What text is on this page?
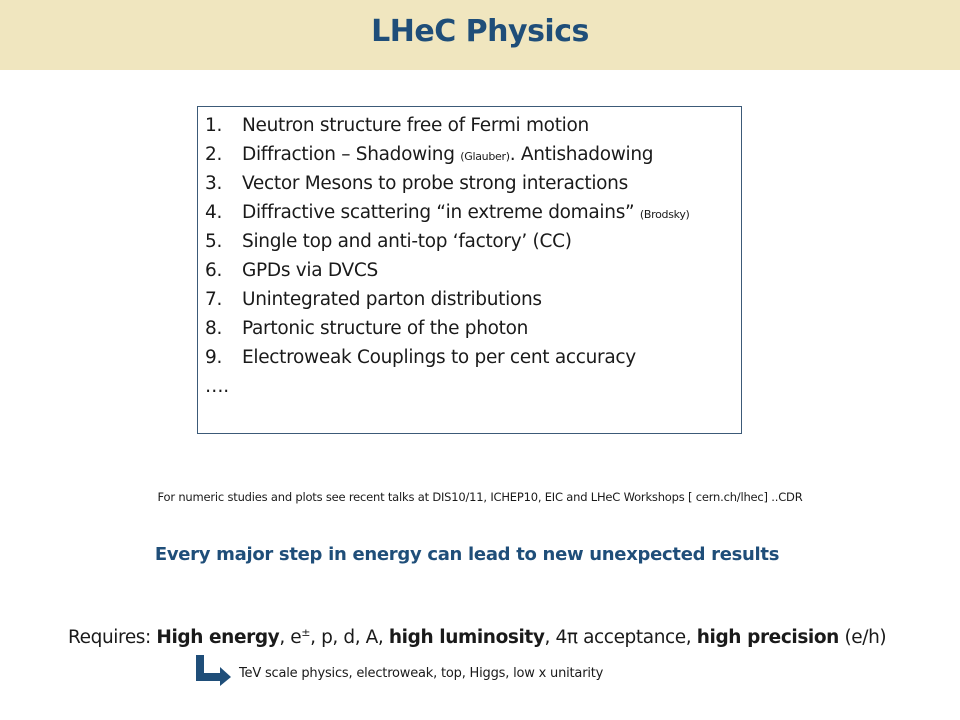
LHeC Physics
1. Neutron structure free of Fermi motion
2. Diffraction – Shadowing (Glauber). Antishadowing
3. Vector Mesons to probe strong interactions
4. Diffractive scattering “in extreme domains” (Brodsky)
5. Single top and anti-top ‘factory’ (CC)
6. GPDs via DVCS
7. Unintegrated parton distributions
8. Partonic structure of the photon
9. Electroweak Couplings to per cent accuracy
….
For numeric studies and plots see recent talks at DIS10/11, ICHEP10, EIC and LHeC Workshops [ cern.ch/lhec] ..CDR
Every major step in energy can lead to new unexpected results
Requires: High energy, e±, p, d, A, high luminosity, 4π acceptance, high precision (e/h)
TeV scale physics, electroweak, top, Higgs, low x unitarity
